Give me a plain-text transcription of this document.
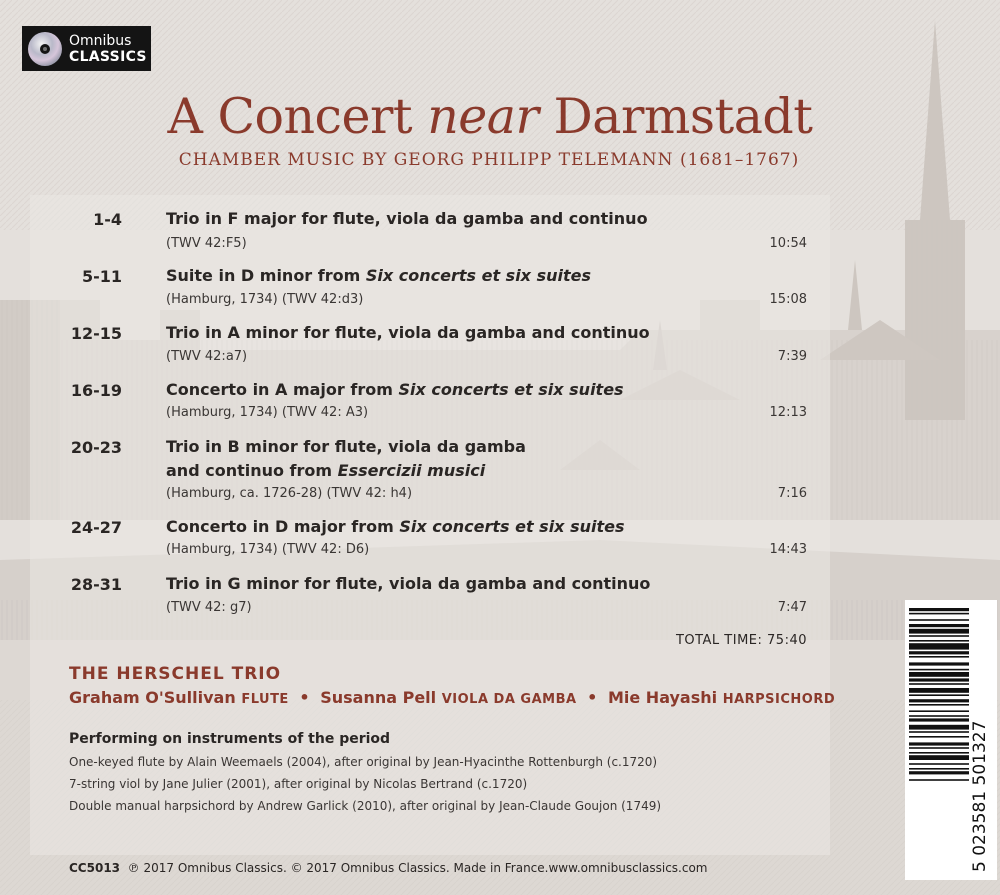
Omnibus
CLASSICS
A Concert near Darmstadt
CHAMBER MUSIC BY GEORG PHILIPP TELEMANN (1681–1767)
1-4	Trio in F major for flute, viola da gamba and continuo
(TWV 42:F5)	10:54
5-11	Suite in D minor from Six concerts et six suites
(Hamburg, 1734) (TWV 42:d3)	15:08
12-15	Trio in A minor for flute, viola da gamba and continuo
(TWV 42:a7)	7:39
16-19	Concerto in A major from Six concerts et six suites
(Hamburg, 1734) (TWV 42: A3)	12:13
20-23	Trio in B minor for flute, viola da gamba
and continuo from Essercizii musici
(Hamburg, ca. 1726-28) (TWV 42: h4)	7:16
24-27	Concerto in D major from Six concerts et six suites
(Hamburg, 1734) (TWV 42: D6)	14:43
28-31	Trio in G minor for flute, viola da gamba and continuo
(TWV 42: g7)	7:47
TOTAL TIME: 75:40
THE HERSCHEL TRIO
Graham O'Sullivan FLUTE • Susanna Pell VIOLA DA GAMBA • Mie Hayashi HARPSICHORD
Performing on instruments of the period
One-keyed flute by Alain Weemaels (2004), after original by Jean-Hyacinthe Rottenburgh (c.1720)
7-string viol by Jane Julier (2001), after original by Nicolas Bertrand (c.1720)
Double manual harpsichord by Andrew Garlick (2010), after original by Jean-Claude Goujon (1749)
CC5013 ℗ 2017 Omnibus Classics. © 2017 Omnibus Classics. Made in France.www.omnibusclassics.com	5 023581 501327
